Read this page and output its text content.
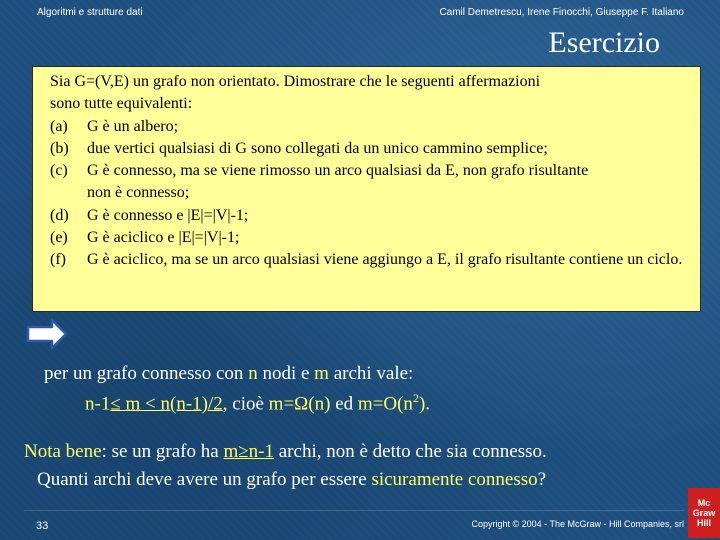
Algoritmi e strutture dati	Camil Demetrescu, Irene Finocchi, Giuseppe F. Italiano
Esercizio

Sia G=(V,E) un grafo non orientato. Dimostrare che le seguenti affermazioni
sono tutte equivalenti:

(a) G è un albero;
(b) due vertici qualsiasi di G sono collegati da un unico cammino semplice;
(c) G è connesso, ma se viene rimosso un arco qualsiasi da E, non grafo risultante non è connesso;
(d) G è connesso e |E|=|V|-1;
(e) G è aciclico e |E|=|V|-1;
(f) G è aciclico, ma se un arco qualsiasi viene aggiungo a E, il grafo risultante contiene un ciclo.
per un grafo connesso con n nodi e m archi vale:
n-1≤ m < n(n-1)/2, cioè m=Ω(n) ed $m=O(n^2)$.
Nota bene: se un grafo ha m≥n-1 archi, non è detto che sia connesso.
Quanti archi deve avere un grafo per essere sicuramente connesso?
33	Copyright © 2004 - The McGraw - Hill Companies, srl
Mc
Graw
Hill
